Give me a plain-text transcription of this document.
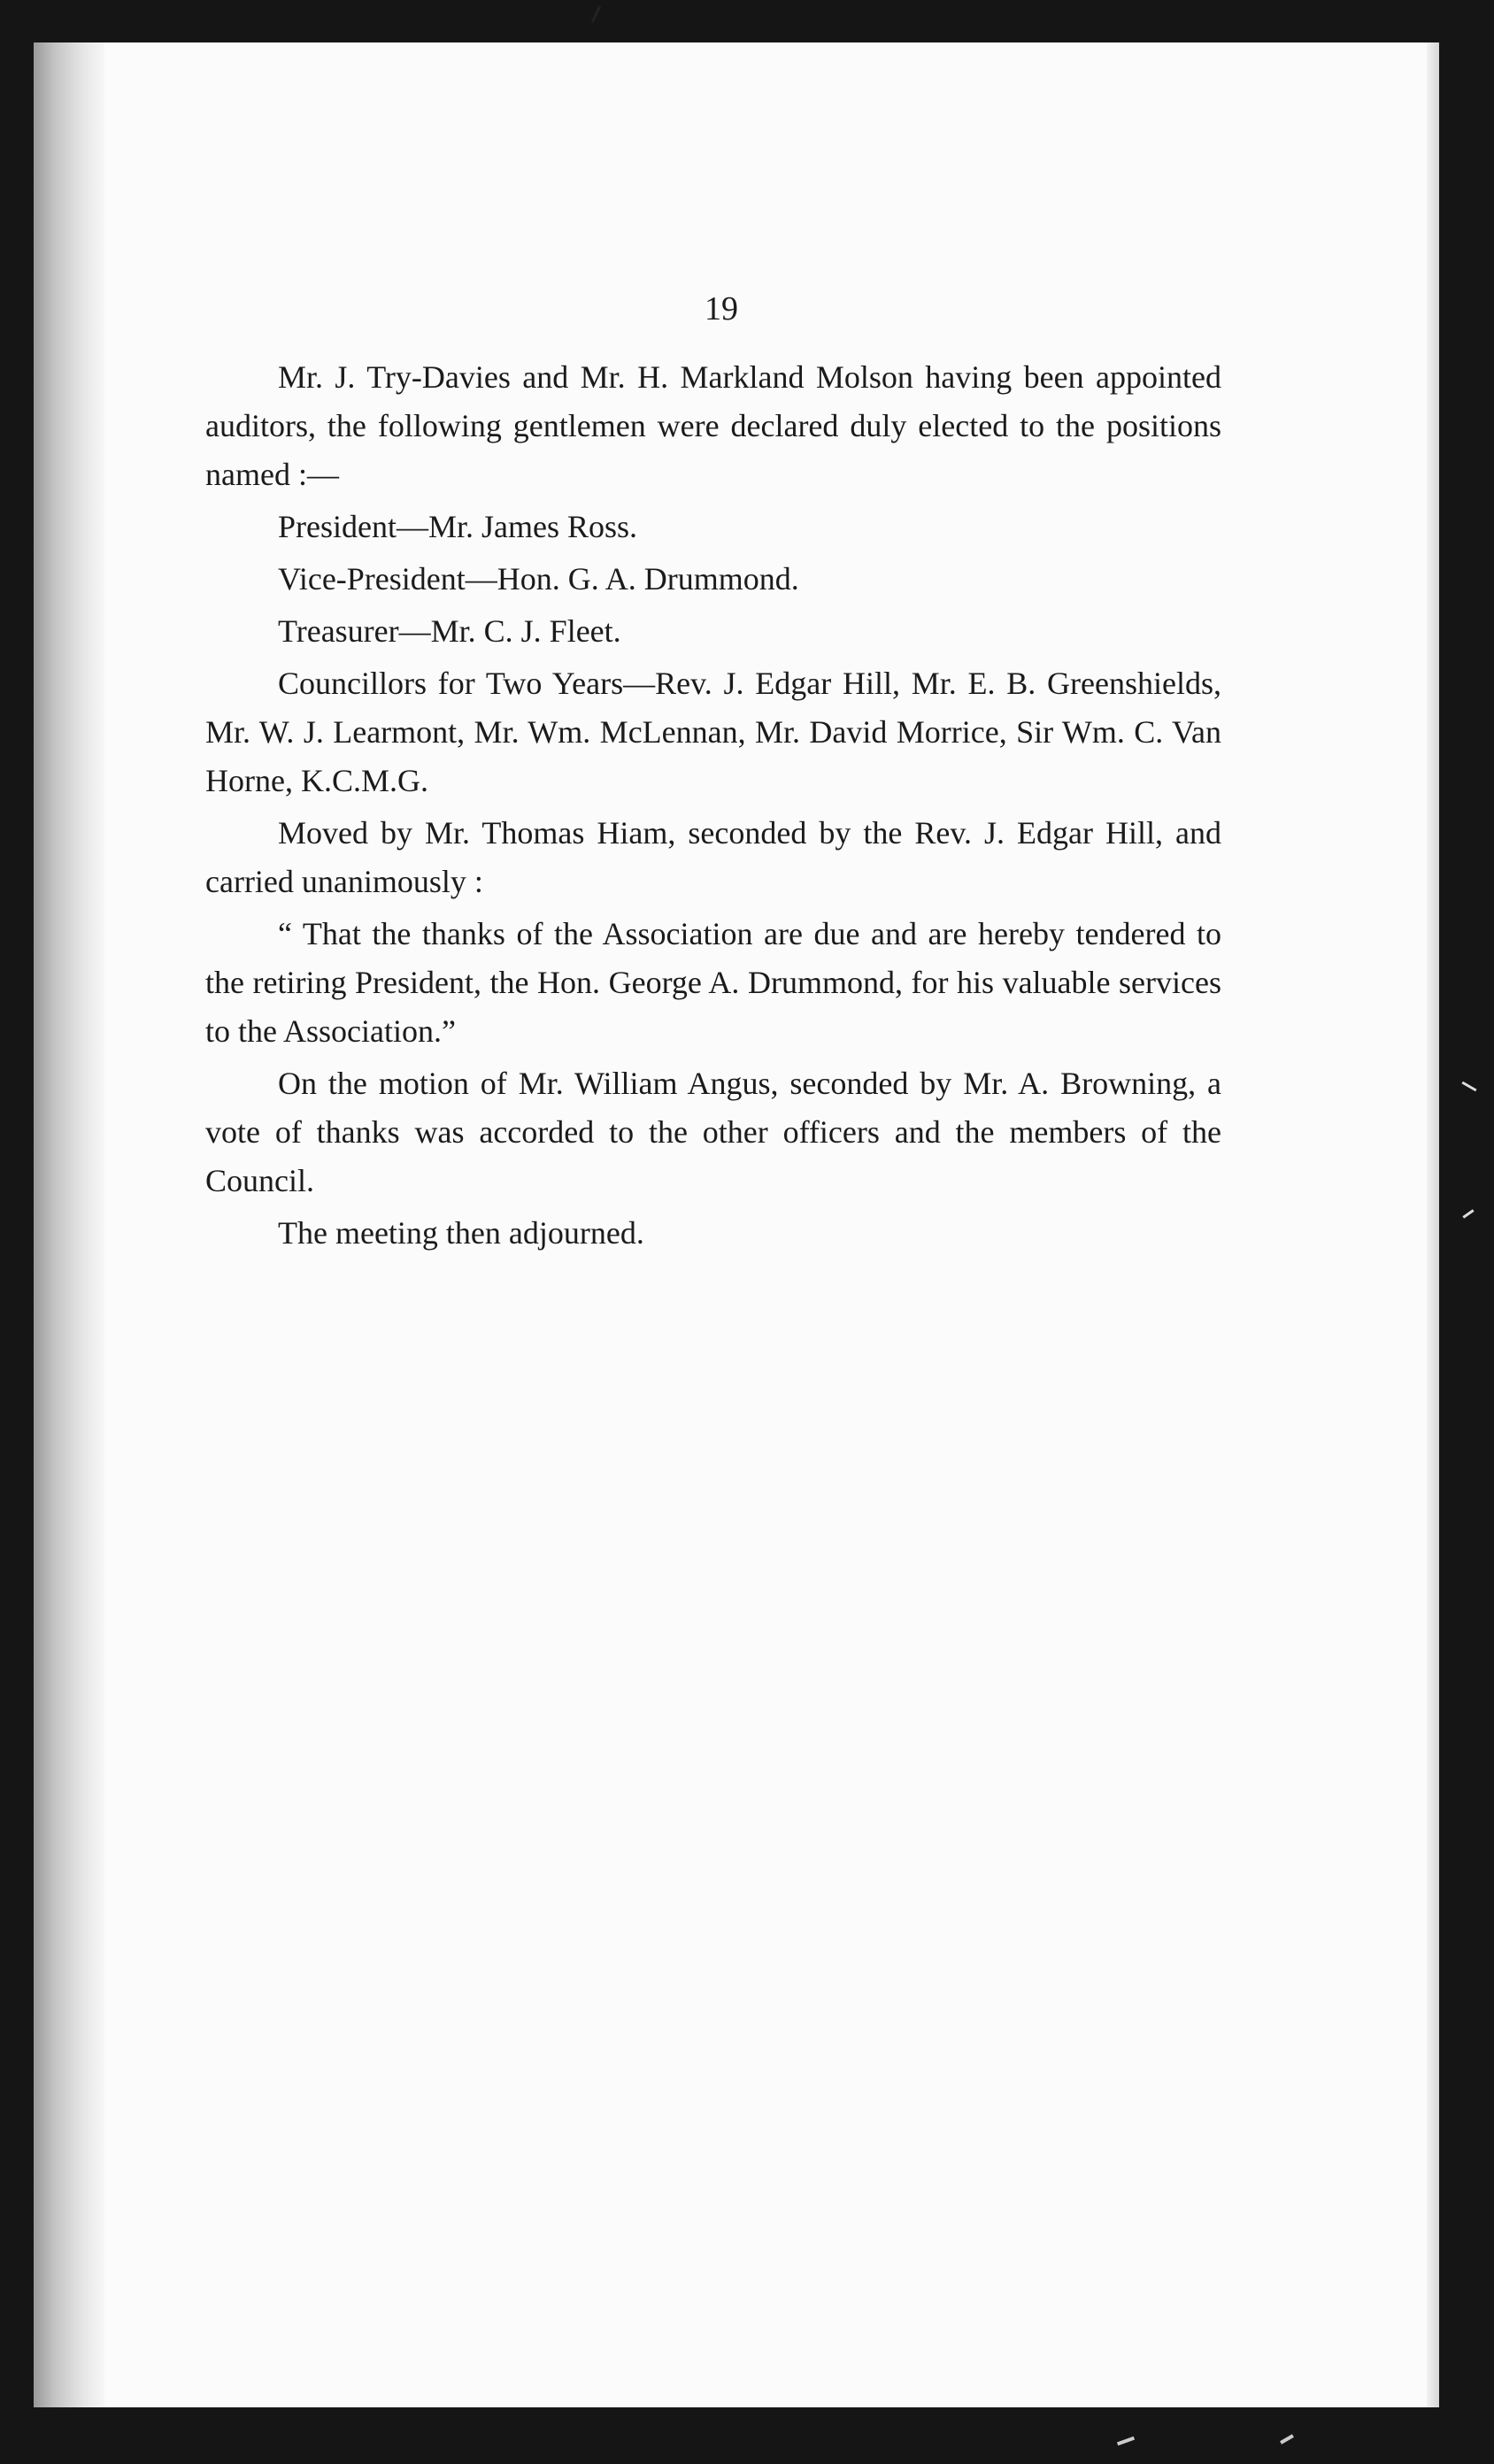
19

Mr. J. Try-Davies and Mr. H. Markland Molson having been appointed auditors, the following gentlemen were declared duly elected to the positions named :—

President—Mr. James Ross.

Vice-President—Hon. G. A. Drummond.

Treasurer—Mr. C. J. Fleet.

Councillors for Two Years—Rev. J. Edgar Hill, Mr. E. B. Greenshields, Mr. W. J. Learmont, Mr. Wm. McLennan, Mr. David Morrice, Sir Wm. C. Van Horne, K.C.M.G.

Moved by Mr. Thomas Hiam, seconded by the Rev. J. Edgar Hill, and carried unanimously :

“ That the thanks of the Association are due and are hereby tendered to the retiring President, the Hon. George A. Drummond, for his valuable services to the Association.”

On the motion of Mr. William Angus, seconded by Mr. A. Browning, a vote of thanks was accorded to the other officers and the members of the Council.

The meeting then adjourned.
